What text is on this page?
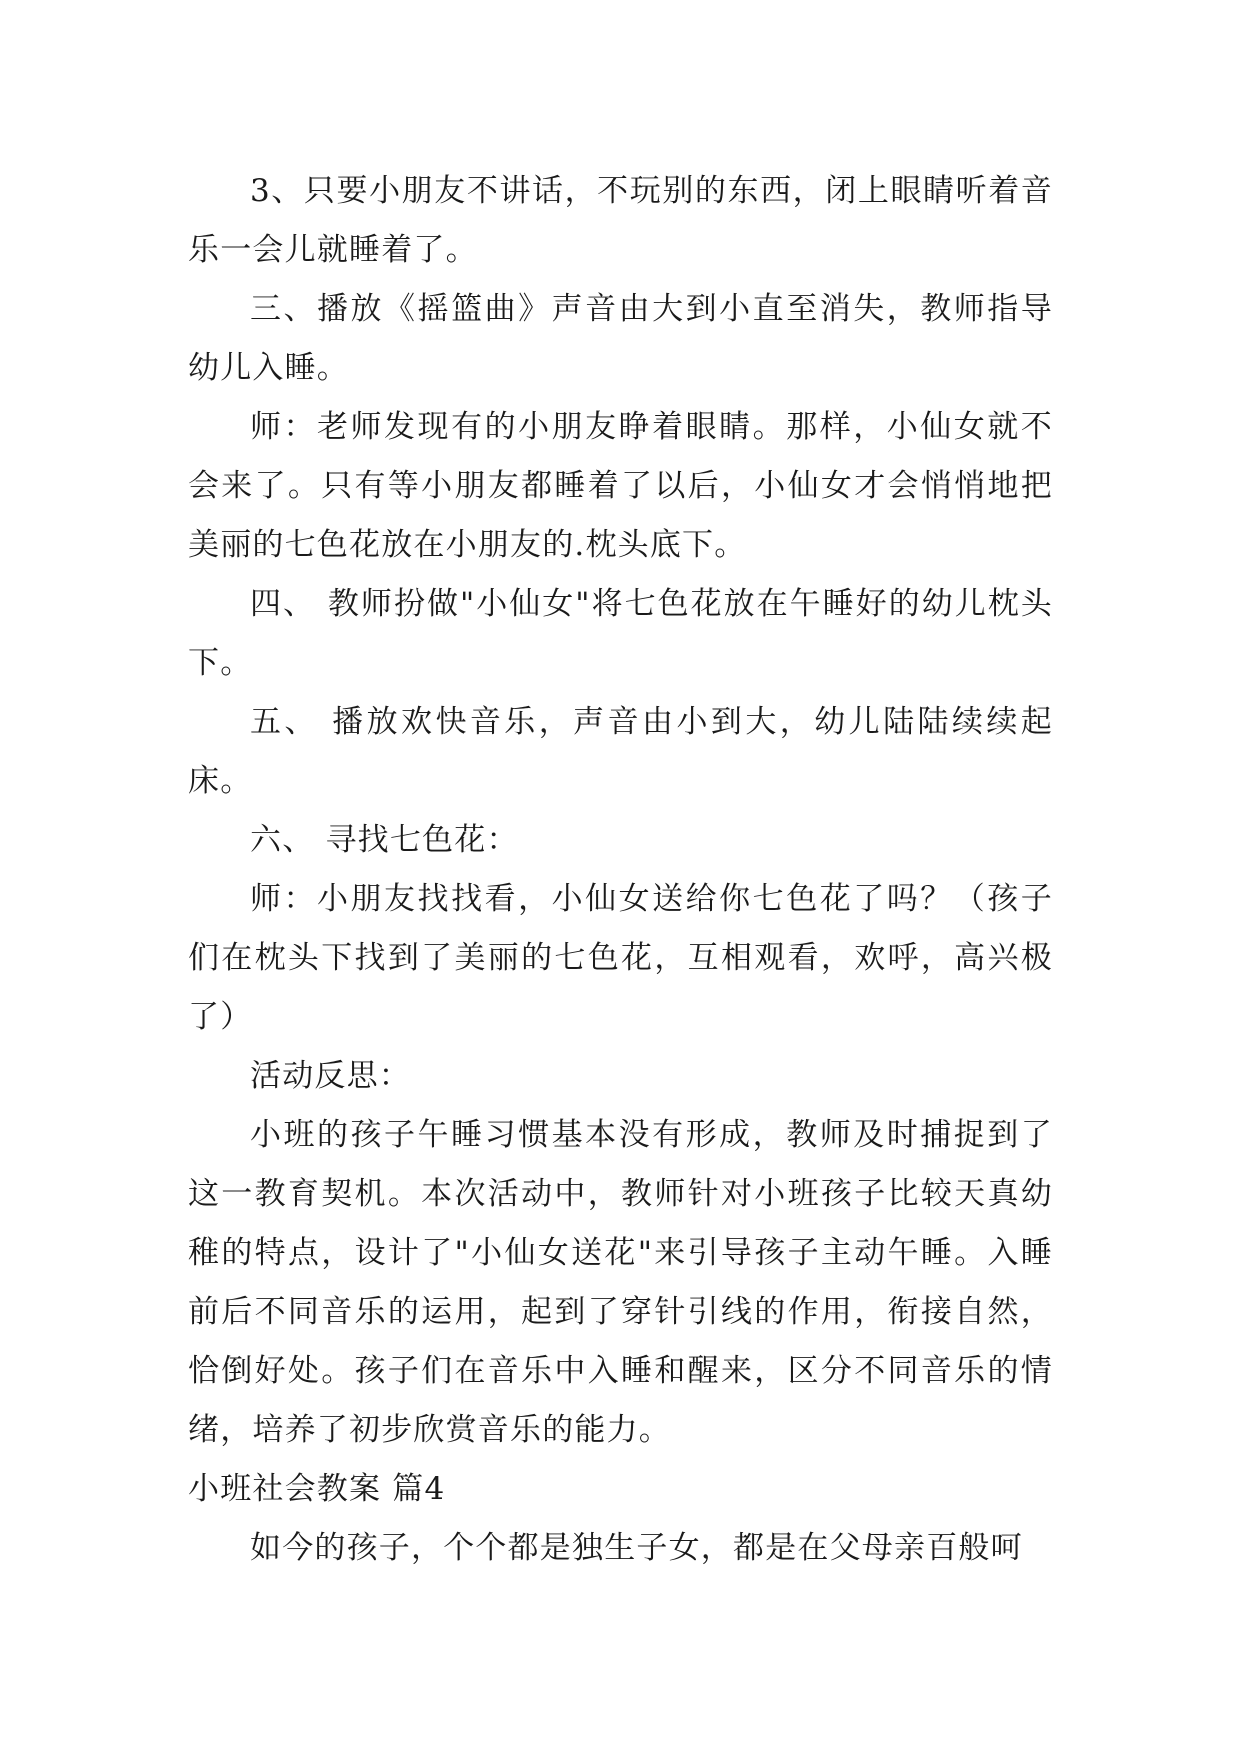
3、只要小朋友不讲话，不玩别的东西，闭上眼睛听着音乐一会儿就睡着了。

三、播放《摇篮曲》声音由大到小直至消失，教师指导幼儿入睡。

师：老师发现有的小朋友睁着眼睛。那样，小仙女就不会来了。只有等小朋友都睡着了以后，小仙女才会悄悄地把美丽的七色花放在小朋友的.枕头底下。

四、 教师扮做"小仙女"将七色花放在午睡好的幼儿枕头下。

五、 播放欢快音乐，声音由小到大，幼儿陆陆续续起床。

六、 寻找七色花：

师：小朋友找找看，小仙女送给你七色花了吗？（孩子们在枕头下找到了美丽的七色花，互相观看，欢呼，高兴极了）

活动反思：

小班的孩子午睡习惯基本没有形成，教师及时捕捉到了这一教育契机。本次活动中，教师针对小班孩子比较天真幼稚的特点，设计了"小仙女送花"来引导孩子主动午睡。入睡前后不同音乐的运用，起到了穿针引线的作用，衔接自然，恰倒好处。孩子们在音乐中入睡和醒来，区分不同音乐的情绪，培养了初步欣赏音乐的能力。

小班社会教案 篇4

如今的孩子，个个都是独生子女，都是在父母亲百般呵
